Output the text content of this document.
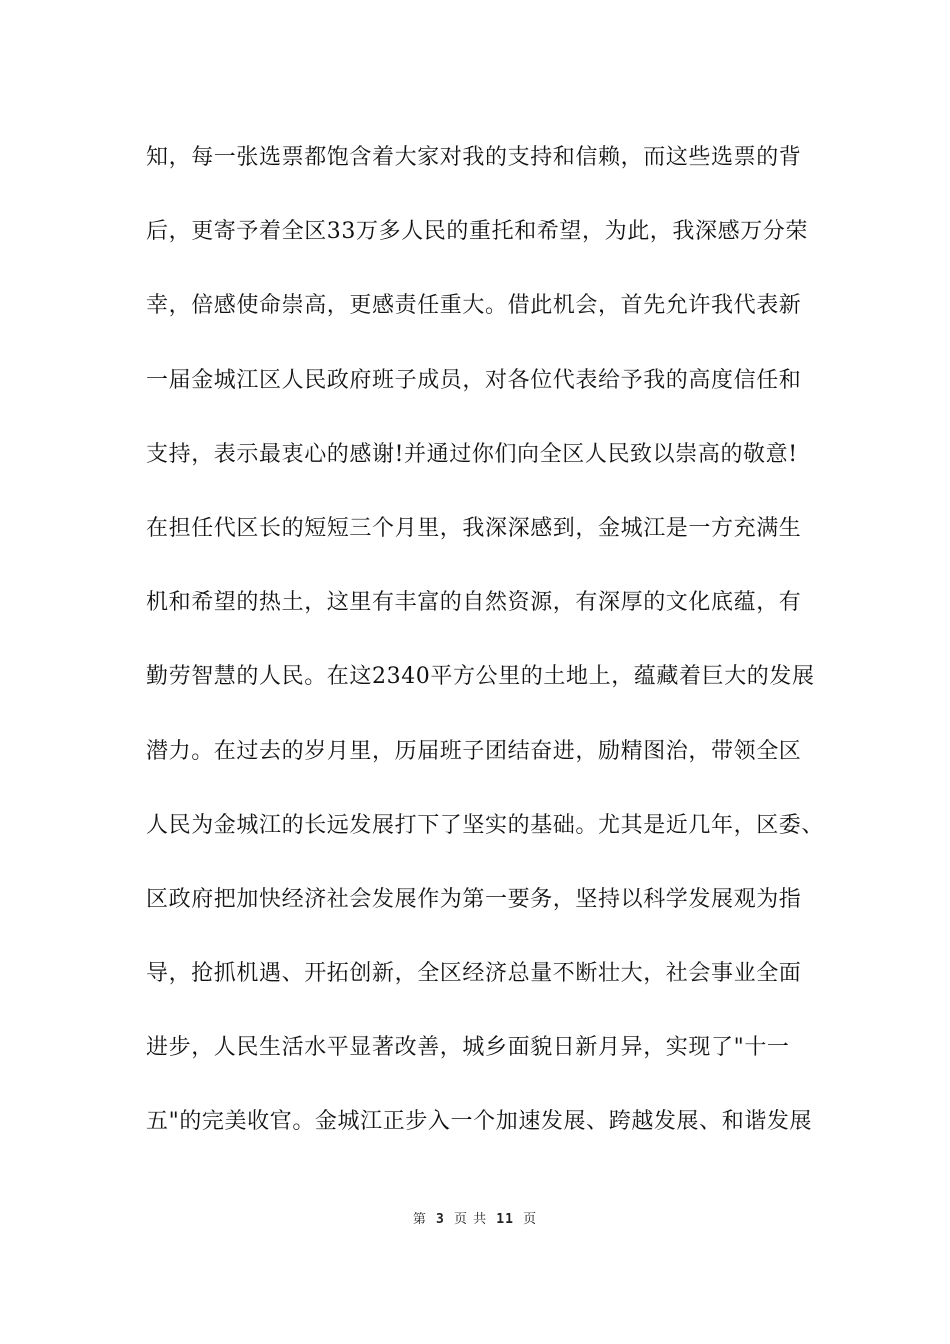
知，每一张选票都饱含着大家对我的支持和信赖，而这些选票的背
后，更寄予着全区33万多人民的重托和希望，为此，我深感万分荣
幸，倍感使命崇高，更感责任重大。借此机会，首先允许我代表新
一届金城江区人民政府班子成员，对各位代表给予我的高度信任和
支持，表示最衷心的感谢!并通过你们向全区人民致以崇高的敬意!
在担任代区长的短短三个月里，我深深感到，金城江是一方充满生
机和希望的热土，这里有丰富的自然资源，有深厚的文化底蕴，有
勤劳智慧的人民。在这2340平方公里的土地上，蕴藏着巨大的发展
潜力。在过去的岁月里，历届班子团结奋进，励精图治，带领全区
人民为金城江的长远发展打下了坚实的基础。尤其是近几年，区委、
区政府把加快经济社会发展作为第一要务，坚持以科学发展观为指
导，抢抓机遇、开拓创新，全区经济总量不断壮大，社会事业全面
进步，人民生活水平显著改善，城乡面貌日新月异，实现了"十一
五"的完美收官。金城江正步入一个加速发展、跨越发展、和谐发展
第 3 页 共 11 页
